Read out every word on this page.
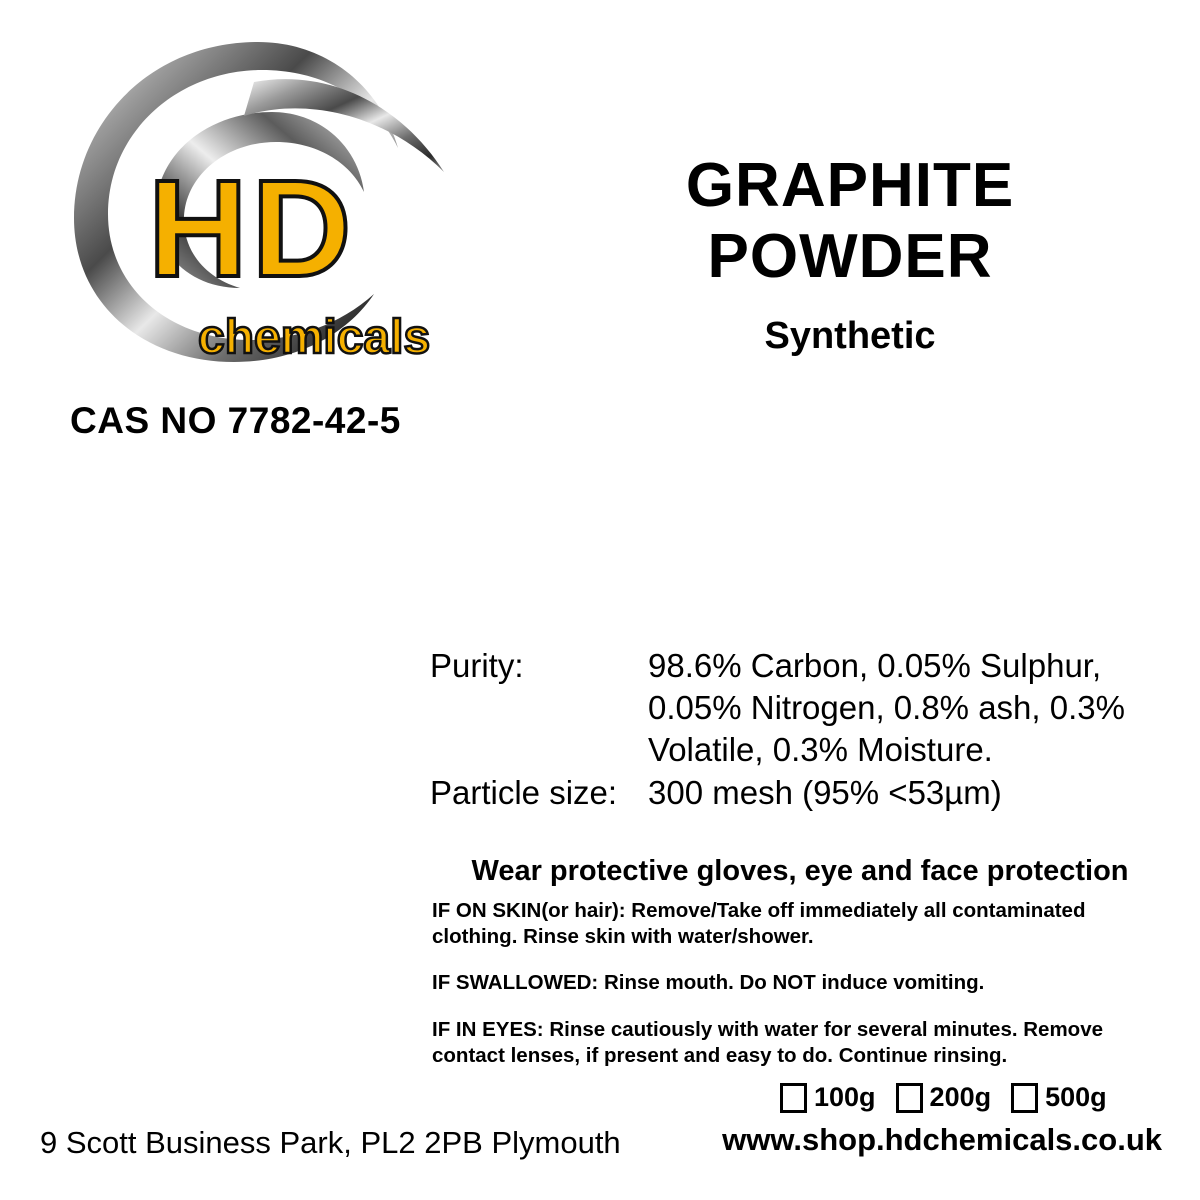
HD
chemicals
CAS NO 7782-42-5
GRAPHITE
POWDER
Synthetic
Purity:	98.6% Carbon, 0.05% Sulphur, 0.05% Nitrogen, 0.8% ash, 0.3% Volatile, 0.3% Moisture.
Particle size: 300 mesh (95% <53µm)
Wear protective gloves, eye and face protection

IF ON SKIN(or hair): Remove/Take off immediately all contaminated clothing. Rinse skin with water/shower.

IF SWALLOWED: Rinse mouth. Do NOT induce vomiting.

IF IN EYES: Rinse cautiously with water for several minutes. Remove contact lenses, if present and easy to do. Continue rinsing.

100g 200g 500g
9 Scott Business Park, PL2 2PB Plymouth	www.shop.hdchemicals.co.uk
